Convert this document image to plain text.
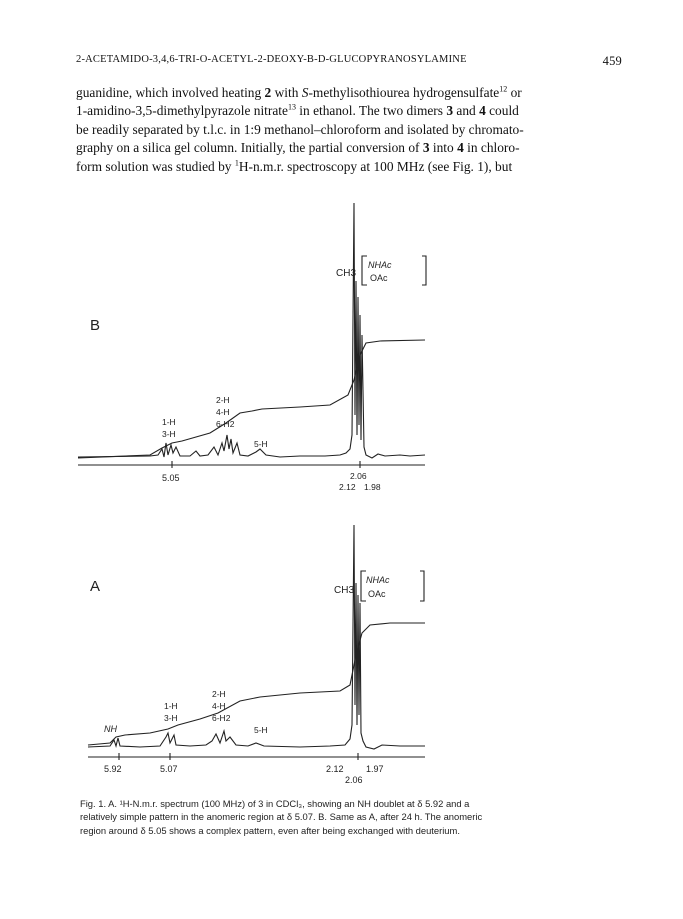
2-ACETAMIDO-3,4,6-TRI-O-ACETYL-2-DEOXY-Β-D-GLUCOPYRANOSYLAMINE	459
guanidine, which involved heating 2 with S-methylisothiourea hydrogensulfate$^{12}$ or
1-amidino-3,5-dimethylpyrazole nitrate$^{13}$ in ethanol. The two dimers 3 and 4 could
be readily separated by t.l.c. in 1:9 methanol–chloroform and isolated by chromato-
graphy on a silica gel column. Initially, the partial conversion of 3 into 4 in chloro-
form solution was studied by $^1$H-n.m.r. spectroscopy at 100 MHz (see Fig. 1), but
B
CH3
NHAc
OAc
2-H
4-H
6-H2
1-H
3-H
5-H
5.05	2.06
2.12 1.98
A	CH3
NHAc
OAc
2-H
4-H
6-H2
1-H
3-H
5-H
NH
5.92	5.07	2.12 1.97
2.06
Fig. 1. A. ¹H-N.m.r. spectrum (100 MHz) of 3 in CDCl₃, showing an NH doublet at δ 5.92 and a
relatively simple pattern in the anomeric region at δ 5.07. B. Same as A, after 24 h. The anomeric
region around δ 5.05 shows a complex pattern, even after being exchanged with deuterium.
